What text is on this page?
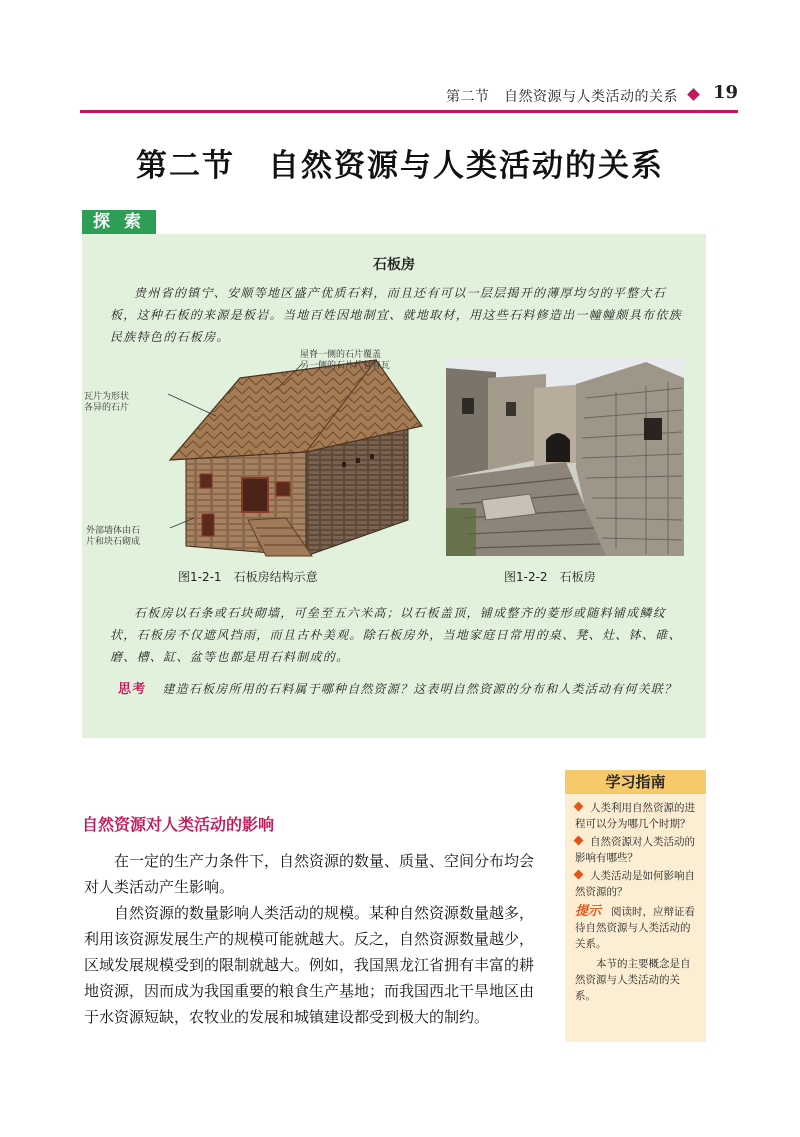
第二节　 自然资源与人类活动的关系 19
第二节　自然资源与人类活动的关系
探 索
石板房
贵州省的镇宁、安顺等地区盛产优质石料，而且还有可以一层层揭开的薄厚均匀的平整大石板，这种石板的来源是板岩。当地百姓因地制宜、就地取材，用这些石料修造出一幢幢颇具布依族民族特色的石板房。
瓦片为形状
各异的石片
屋脊一侧的石片覆盖
另一侧的石片代替脊瓦
外部墙体由石
片和块石砌成
图1-2-1　石板房结构示意	图1-2-2　石板房
石板房以石条或石块砌墙，可垒至五六米高；以石板盖顶，铺成整齐的菱形或随料铺成鳞纹状，石板房不仅遮风挡雨，而且古朴美观。除石板房外，当地家庭日常用的桌、凳、灶、钵、碓、磨、槽、缸、盆等也都是用石料制成的。
思考 建造石板房所用的石料属于哪种自然资源？这表明自然资源的分布和人类活动有何关联？
自然资源对人类活动的影响
在一定的生产力条件下，自然资源的数量、质量、空间分布均会对人类活动产生影响。
自然资源的数量影响人类活动的规模。某种自然资源数量越多，利用该资源发展生产的规模可能就越大。反之，自然资源数量越少，区域发展规模受到的限制就越大。例如，我国黑龙江省拥有丰富的耕地资源，因而成为我国重要的粮食生产基地；而我国西北干旱地区由于水资源短缺，农牧业的发展和城镇建设都受到极大的制约。
学习指南
人类利用自然资源的进程可以分为哪几个时期？
自然资源对人类活动的影响有哪些？
人类活动是如何影响自然资源的？
提示 阅读时，应辩证看待自然资源与人类活动的关系。
本节的主要概念是自然资源与人类活动的关系。
